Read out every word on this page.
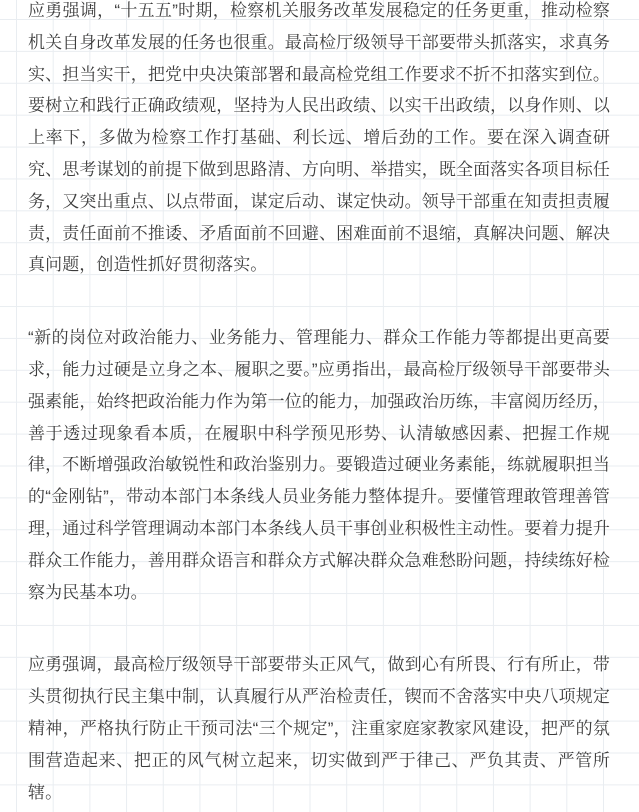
应勇强调，“十五五”时期，检察机关服务改革发展稳定的任务更重，推动检察机关自身改革发展的任务也很重。最高检厅级领导干部要带头抓落实，求真务实、担当实干，把党中央决策部署和最高检党组工作要求不折不扣落实到位。要树立和践行正确政绩观，坚持为人民出政绩、以实干出政绩，以身作则、以上率下，多做为检察工作打基础、利长远、增后劲的工作。要在深入调查研究、思考谋划的前提下做到思路清、方向明、举措实，既全面落实各项目标任务，又突出重点、以点带面，谋定后动、谋定快动。领导干部重在知责担责履责，责任面前不推诿、矛盾面前不回避、困难面前不退缩，真解决问题、解决真问题，创造性抓好贯彻落实。

“新的岗位对政治能力、业务能力、管理能力、群众工作能力等都提出更高要求，能力过硬是立身之本、履职之要。”应勇指出，最高检厅级领导干部要带头强素能，始终把政治能力作为第一位的能力，加强政治历练，丰富阅历经历，善于透过现象看本质，在履职中科学预见形势、认清敏感因素、把握工作规律，不断增强政治敏锐性和政治鉴别力。要锻造过硬业务素能，练就履职担当的“金刚钻”，带动本部门本条线人员业务能力整体提升。要懂管理敢管理善管理，通过科学管理调动本部门本条线人员干事创业积极性主动性。要着力提升群众工作能力，善用群众语言和群众方式解决群众急难愁盼问题，持续练好检察为民基本功。

应勇强调，最高检厅级领导干部要带头正风气，做到心有所畏、行有所止，带头贯彻执行民主集中制，认真履行从严治检责任，锲而不舍落实中央八项规定精神，严格执行防止干预司法“三个规定”，注重家庭家教家风建设，把严的氛围营造起来、把正的风气树立起来，切实做到严于律己、严负其责、严管所辖。
